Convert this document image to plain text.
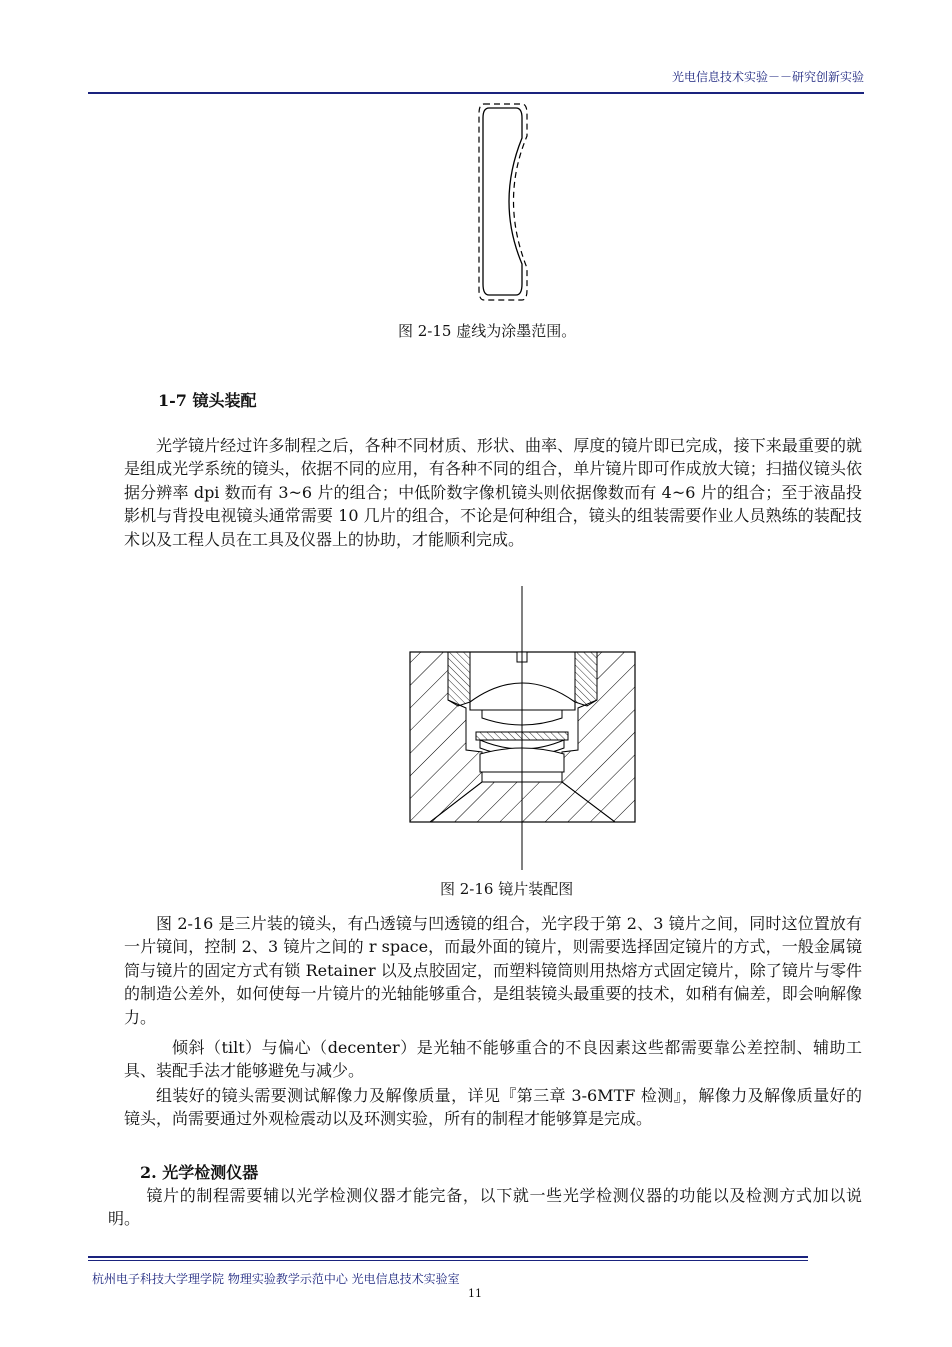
光电信息技术实验－－研究创新实验
图 2-15 虚线为涂墨范围。
1-7 镜头装配
光学镜片经过许多制程之后，各种不同材质、形状、曲率、厚度的镜片即已完成，接下来最重要的就是组成光学系统的镜头，依据不同的应用，有各种不同的组合，单片镜片即可作成放大镜；扫描仪镜头依据分辨率 dpi 数而有 3~6 片的组合；中低阶数字像机镜头则依据像数而有 4~6 片的组合；至于液晶投影机与背投电视镜头通常需要 10 几片的组合，不论是何种组合，镜头的组装需要作业人员熟练的装配技术以及工程人员在工具及仪器上的协助，才能顺利完成。
图 2-16 镜片装配图
图 2-16 是三片装的镜头，有凸透镜与凹透镜的组合，光字段于第 2、3 镜片之间，同时这位置放有一片镜间，控制 2、3 镜片之间的 r space，而最外面的镜片，则需要选择固定镜片的方式，一般金属镜筒与镜片的固定方式有锁 Retainer 以及点胶固定，而塑料镜筒则用热熔方式固定镜片，除了镜片与零件的制造公差外，如何使每一片镜片的光轴能够重合，是组装镜头最重要的技术，如稍有偏差，即会响解像力。
倾斜（tilt）与偏心（decenter）是光轴不能够重合的不良因素这些都需要靠公差控制、辅助工具、装配手法才能够避免与减少。
组装好的镜头需要测试解像力及解像质量，详见『第三章 3-6MTF 检测』，解像力及解像质量好的镜头，尚需要通过外观检震动以及环测实验，所有的制程才能够算是完成。
2. 光学检测仪器
镜片的制程需要辅以光学检测仪器才能完备，以下就一些光学检测仪器的功能以及检测方式加以说明。
杭州电子科技大学理学院 物理实验教学示范中心 光电信息技术实验室
11
